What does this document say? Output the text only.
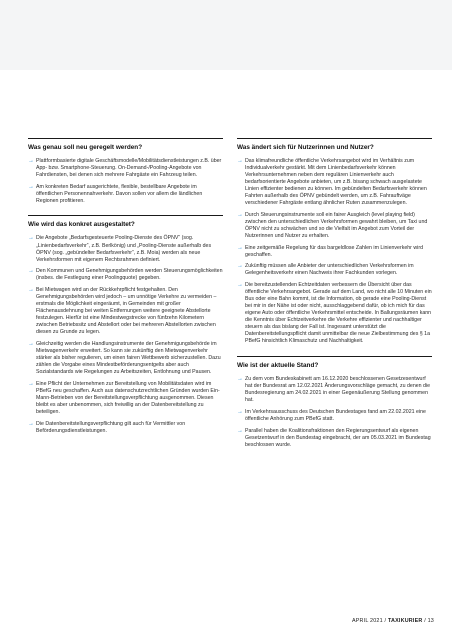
Was genau soll neu geregelt werden?
→ Plattformbasierte digitale Geschäftsmodelle/Mobilitätsdienstleistungen z.B. über App- bzw. Smartphone-Steuerung. On-Demand-/Pooling-Angebote von Fahrdiensten, bei denen sich mehrere Fahrgäste ein Fahrzeug teilen.
→ Am konkreten Bedarf ausgerichtete, flexible, bestellbare Angebote im öffentlichen Personennahverkehr. Davon sollen vor allem die ländlichen Regionen profitieren.
Wie wird das konkret ausgestaltet?
→ Die Angebote „Bedarfsgesteuerte Pooling-Dienste des ÖPNV“ (sog. „Linienbedarfsverkehr“, z.B. Berlkönig) und „Pooling-Dienste außerhalb des ÖPNV (sog. „gebündelter Bedarfsverkehr“, z.B. Moia) werden als neue Verkehrsformen mit eigenem Rechtsrahmen definiert.
→ Den Kommunen und Genehmigungsbehörden werden Steuerungsmöglichkeiten (insbes. die Festlegung einer Poolingquote) gegeben.
→ Bei Mietwagen wird an der Rückkehrpflicht festgehalten. Den Genehmigungsbehörden wird jedoch – um unnötige Verkehre zu vermeiden – erstmals die Möglichkeit eingeräumt, in Gemeinden mit großer Flächenausdehnung bei weiten Entfernungen weitere geeignete Abstellorte festzulegen. Hierfür ist eine Mindestwegstrecke von fünfzehn Kilometern zwischen Betriebssitz und Abstellort oder bei mehreren Abstellorten zwischen diesen zu Grunde zu legen.
→ Gleichzeitig werden die Handlungsinstrumente der Genehmigungsbehörde im Mietwagenverkehr erweitert. So kann sie zukünftig den Mietwagenverkehr stärker als bisher regulieren, um einen fairen Wettbewerb sicherzustellen. Dazu zählen die Vorgabe eines Mindestbeförderungsentgelts aber auch Sozialstandards wie Regelungen zu Arbeitszeiten, Entlohnung und Pausen.
→ Eine Pflicht der Unternehmen zur Bereitstellung von Mobilitätsdaten wird im PBefG neu geschaffen. Auch aus datenschutzrechtlichen Gründen wurden Ein-Mann-Betrieben von der Bereitstellungsverpflichtung ausgenommen. Diesen bleibt es aber unbenommen, sich freiwillig an der Datenbereitstellung zu beteiligen.
→ Die Datenbereitstellungsverpflichtung gilt auch für Vermittler von Beförderungsdienstleistungen.
Was ändert sich für Nutzerinnen und Nutzer?
→ Das klimafreundliche öffentliche Verkehrsangebot wird im Verhältnis zum Individualverkehr gestärkt. Mit dem Linienbedarfsverkehr können Verkehrsunternehmen neben dem regulären Linienverkehr auch bedarfsorientierte Angebote anbieten, um z.B. bisang schwach ausgelastete Linien effizienter bedienen zu können. Im gebündelten Bedarfsverkehr können Fahrten außerhalb des ÖPNV gebündelt werden, um z.B. Fahrauftväge verschiedener Fahrgäste entlang ähnlicher Ruten zusammenzulegen.
→ Durch Steuerungsinstrumente soll ein fairer Ausgleich (level playing field) zwischen den unterschiedlichen Verkehrsformen gewahrt bleiben, um Taxi und ÖPNV nicht zu schwächen und so die Vielfalt im Angebot zum Vorteil der Nutzerinnen und Nutzer zu erhalten.
→ Eine zeitgemäße Regelung für das bargeldlose Zahlen im Linienverkehr wird geschaffen.
→ Zukünftig müssen alle Anbieter der unterschiedlichen Verkehrsformen im Gelegenheitsverkehr einen Nachweis ihrer Fachkunden vorlegen.
→ Die bereitzustellenden Echtzeitdaten verbessern die Übersicht über das öffentliche Verkehrsangebot. Gerade auf dem Land, wo nicht alle 10 Minuten ein Bus oder eine Bahn kommt, ist die Information, ob gerade eine Pooling-Dienst bei mir in der Nähe ist oder nicht, ausschlaggebend dafür, ob ich mich für das eigene Auto oder öffentliche Verkehrsmittel entscheide. In Ballungsräumen kann die Kenntnis über Echtzeitverkehre die Verkehre effizienter und nachhaltiger steuern als das bislang der Fall ist. Insgesamt unterstützt die Datenbereitstellungspflicht damit unmittelbar die neue Zielbestimmung des § 1a PBefG hinsichtlich Klimaschutz und Nachhaltigkeit.
Wie ist der aktuelle Stand?
→ Zu dem vom Bundeskabinett am 16.12.2020 beschlossenen Gesetzesentwurf hat der Bundesrat am 12.02.2021 Änderungsvorschläge gemacht, zu denen die Bundesregierung am 24.02.2021 in einer Gegenäußerung Stellung genommen hat.
→ Im Verkehrsausschuss des Deutschen Bundestages fand am 22.02.2021 eine öffentliche Anhörung zum PBefG statt.
→ Parallel haben die Koalitionsfraktionen den Regierungsentwurf als eigenen Gesetzentwurf in den Bundestag eingebracht, der am 05.03.2021 im Bundestag beschlossen wurde.
APRIL 2021 / TAXIKURIER / 13
